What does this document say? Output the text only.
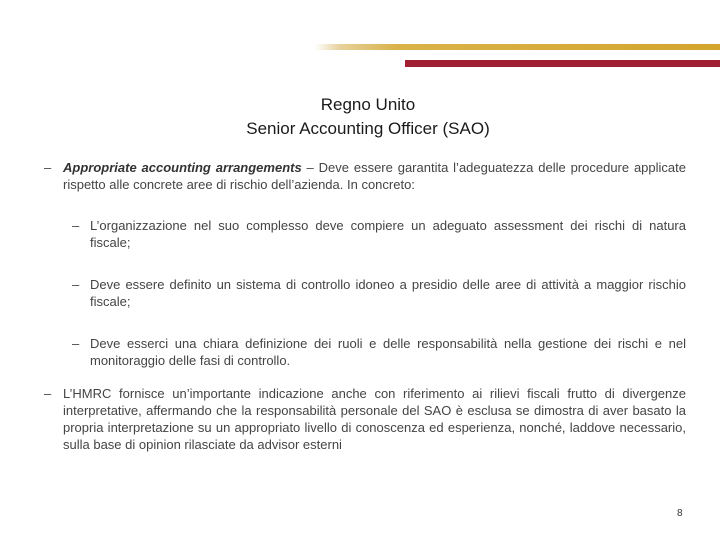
Regno Unito
Senior Accounting Officer (SAO)
– Appropriate accounting arrangements – Deve essere garantita l’adeguatezza delle procedure applicate rispetto alle concrete aree di rischio dell’azienda. In concreto:
– L’organizzazione nel suo complesso deve compiere un adeguato assessment dei rischi di natura fiscale;
– Deve essere definito un sistema di controllo idoneo a presidio delle aree di attività a maggior rischio fiscale;
– Deve esserci una chiara definizione dei ruoli e delle responsabilità nella gestione dei rischi e nel monitoraggio delle fasi di controllo.
– L’HMRC fornisce un’importante indicazione anche con riferimento ai rilievi fiscali frutto di divergenze interpretative, affermando che la responsabilità personale del SAO è esclusa se dimostra di aver basato la propria interpretazione su un appropriato livello di conoscenza ed esperienza, nonché, laddove necessario, sulla base di opinion rilasciate da advisor esterni
8
